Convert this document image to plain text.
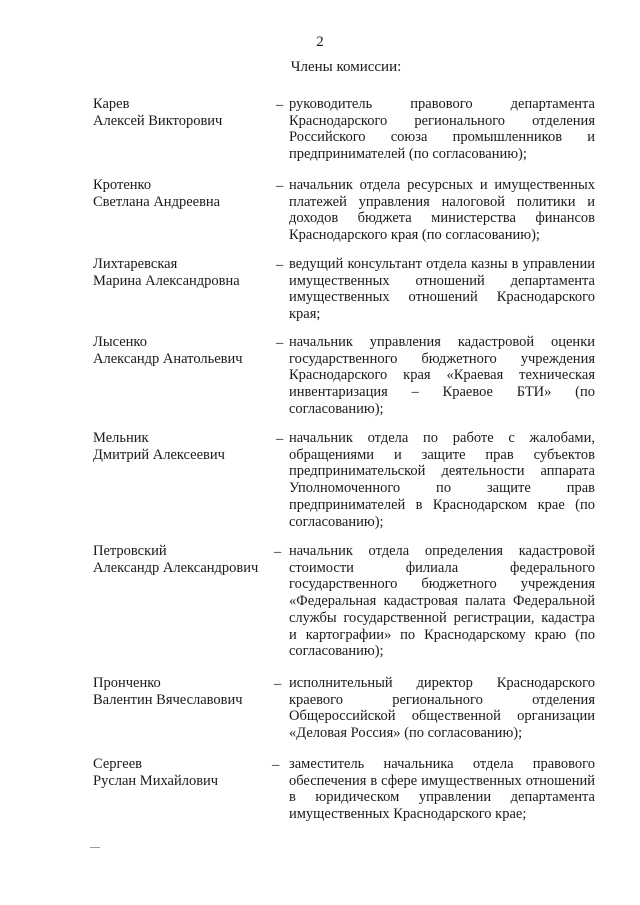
2
Члены комиссии:
Карев
Алексей Викторович
– руководитель правового департамента Краснодарского регионального отделения Российского союза промышленников и предпринимателей (по согласованию);
Кротенко
Светлана Андреевна
– начальник отдела ресурсных и имущественных платежей управления налоговой политики и доходов бюджета министерства финансов Краснодарского края (по согласованию);
Лихтаревская
Марина Александровна
– ведущий консультант отдела казны в управлении имущественных отношений департамента имущественных отношений Краснодарского края;
Лысенко
Александр Анатольевич
– начальник управления кадастровой оценки государственного бюджетного учреждения Краснодарского края «Краевая техническая инвентаризация – Краевое БТИ» (по согласованию);
Мельник
Дмитрий Алексеевич
– начальник отдела по работе с жалобами, обращениями и защите прав субъектов предпринимательской деятельности аппарата Уполномоченного по защите прав предпринимателей в Краснодарском крае (по согласованию);
Петровский
Александр Александрович
– начальник отдела определения кадастровой стоимости филиала федерального государственного бюджетного учреждения «Федеральная кадастровая палата Федеральной службы государственной регистрации, кадастра и картографии» по Краснодарскому краю (по согласованию);
Пронченко
Валентин Вячеславович
– исполнительный директор Краснодарского краевого регионального отделения Общероссийской общественной организации «Деловая Россия» (по согласованию);
Сергеев
Руслан Михайлович
– заместитель начальника отдела правового обеспечения в сфере имущественных отношений в юридическом управлении департамента имущественных Краснодарского крае;
